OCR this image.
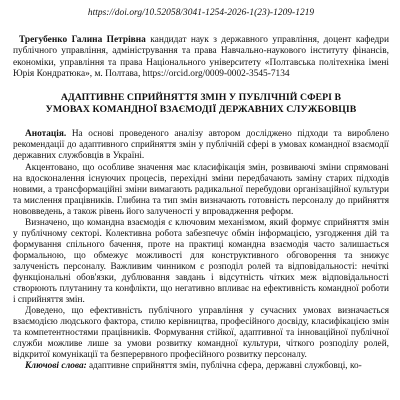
https://doi.org/10.52058/3041-1254-2026-1(23)-1209-1219

Трегубенко Галина Петрівна кандидат наук з державного управління, доцент кафедри публічного управління, адміністрування та права Навчально-наукового інституту фінансів, економіки, управління та права Національного університету «Полтавська політехніка імені Юрія Кондратюка», м. Полтава, https://orcid.org/0009-0002-3545-7134

АДАПТИВНЕ СПРИЙНЯТТЯ ЗМІН У ПУБЛІЧНІЙ СФЕРІ В УМОВАХ КОМАНДНОЇ ВЗАЄМОДІЇ ДЕРЖАВНИХ СЛУЖБОВЦІВ

Анотація. На основі проведеного аналізу автором досліджено підходи та вироблено рекомендації до адаптивного сприйняття змін у публічній сфері в умовах командної взаємодії державних службовців в Україні.

Акцентовано, що особливе значення має класифікація змін, розвиваючі зміни спрямовані на вдосконалення існуючих процесів, перехідні зміни передбачають заміну старих підходів новими, а трансформаційні зміни вимагають радикальної перебудови організаційної культури та мислення працівників. Глибина та тип змін визначають готовність персоналу до прийняття нововведень, а також рівень його залученості у впровадження реформ.

Визначено, що командна взаємодія є ключовим механізмом, який формує сприйняття змін у публічному секторі. Колективна робота забезпечує обмін інформацією, узгодження дій та формування спільного бачення, проте на практиці командна взаємодія часто залишається формальною, що обмежує можливості для конструктивного обговорення та знижує залученість персоналу. Важливим чинником є розподіл ролей та відповідальності: нечіткі функціональні обов'язки, дублювання завдань і відсутність чітких меж відповідальності створюють плутанину та конфлікти, що негативно впливає на ефективність командної роботи і сприйняття змін.

Доведено, що ефективність публічного управління у сучасних умовах визначається взаємодією людського фактора, стилю керівництва, професійного досвіду, класифікацією змін та компетентностями працівників. Формування стійкої, адаптивної та інноваційної публічної служби можливе лише за умови розвитку командної культури, чіткого розподілу ролей, відкритої комунікації та безперервного професійного розвитку персоналу.

Ключові слова: адаптивне сприйняття змін, публічна сфера, державні службовці, ко-
